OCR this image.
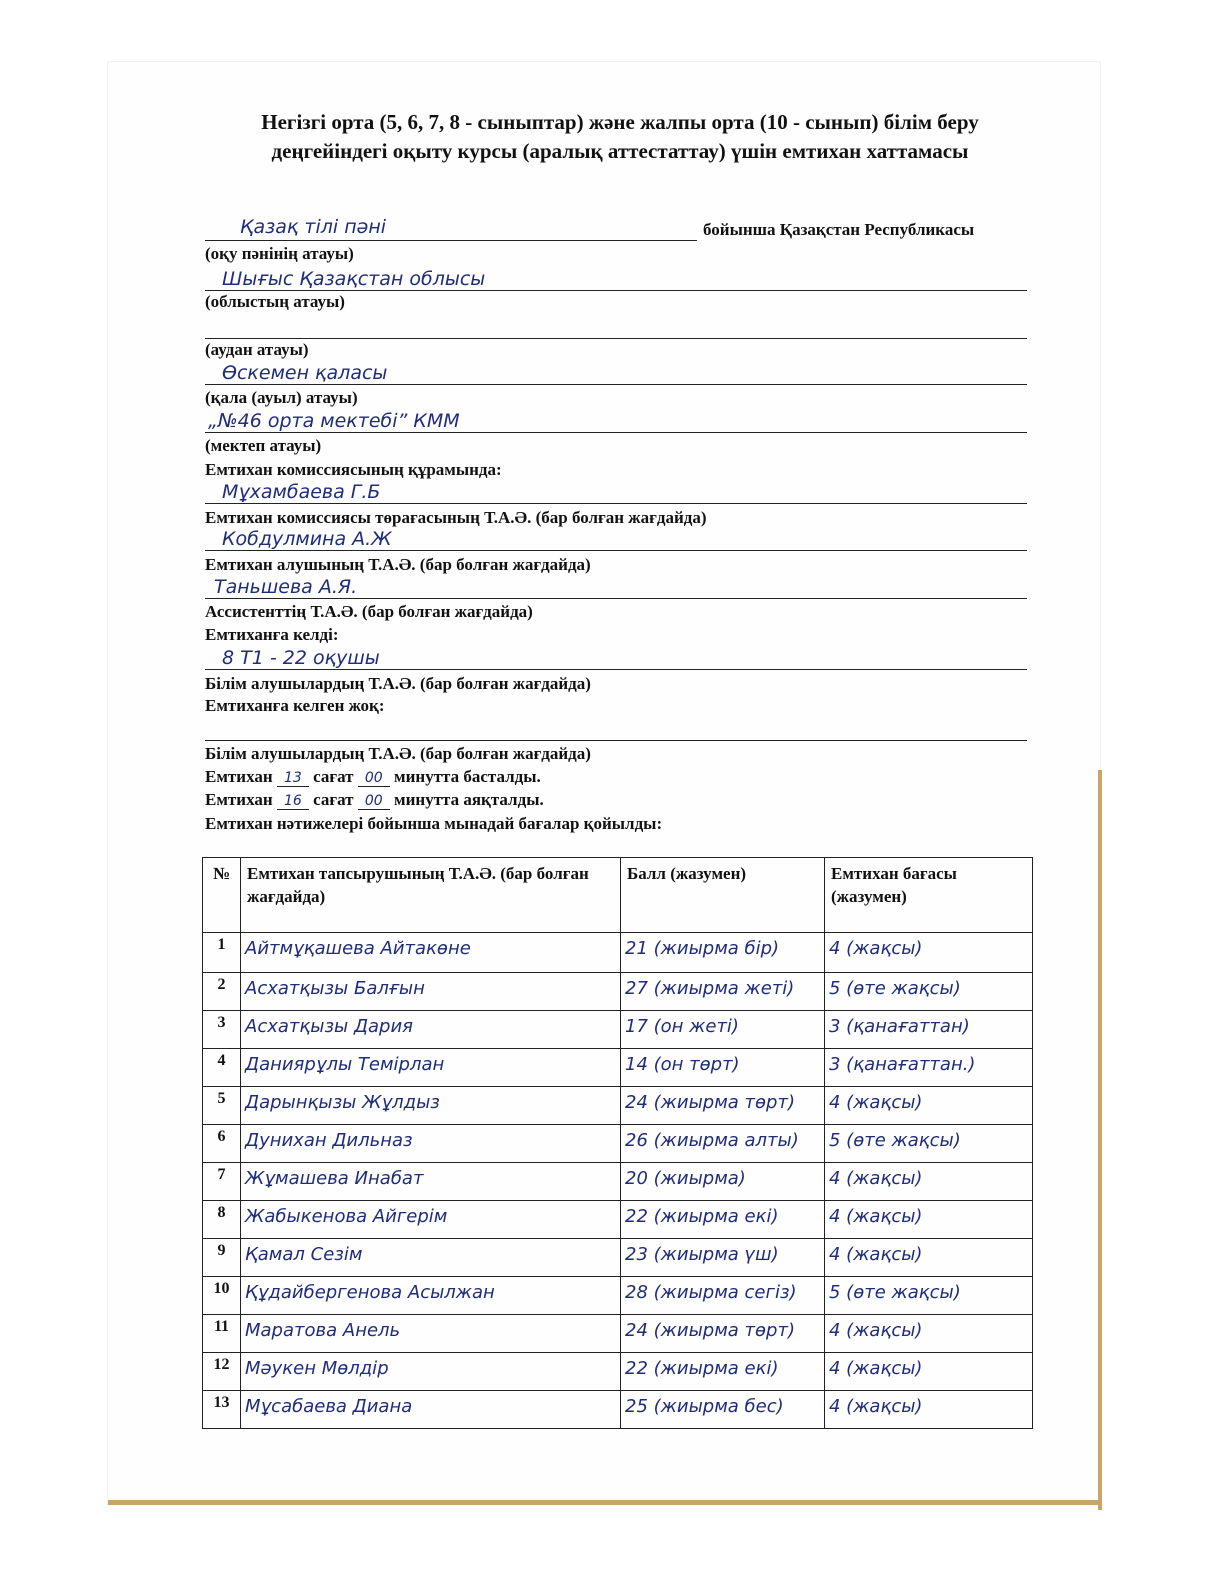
Негізгі орта (5, 6, 7, 8 - сыныптар) және жалпы орта (10 - сынып) білім беру
деңгейіндегі оқыту курсы (аралық аттестаттау) үшін емтихан хаттамасы
Қазақ тілі пәні	бойынша Қазақстан Республикасы
(оқу пәнінің атауы)
Шығыс Қазақстан облысы
(облыстың атауы)
(аудан атауы)
Өскемен қаласы
(қала (ауыл) атауы)
„№46 орта мектебі” КММ
(мектеп атауы)
Емтихан комиссиясының құрамында:
Мұхамбаева Г.Б
Емтихан комиссиясы төрағасының Т.А.Ә. (бар болған жағдайда)
Кобдулмина А.Ж
Емтихан алушының Т.А.Ә. (бар болған жағдайда)
Таньшева А.Я.
Ассистенттің Т.А.Ә. (бар болған жағдайда)
Емтиханға келді:
8 Т1 - 22 оқушы
Білім алушылардың Т.А.Ә. (бар болған жағдайда)
Емтиханға келген жоқ:
Білім алушылардың Т.А.Ә. (бар болған жағдайда)
Емтихан 13 сағат 00 минутта басталды.
Емтихан 16 сағат 00 минутта аяқталды.
Емтихан нәтижелері бойынша мынадай бағалар қойылды:
№	Емтихан тапсырушының Т.А.Ә. (бар болған жағдайда)	Балл (жазумен)	Емтихан бағасы (жазумен)
1	Айтмұқашева Айтакөне	21 (жиырма бір)	4 (жақсы)

2	Асхатқызы Балғын	27 (жиырма жеті)	5 (өте жақсы)

3	Асхатқызы Дария	17 (он жеті)	3 (қанағаттан)

4	Даниярұлы Темірлан	14 (он төрт)	3 (қанағаттан.)

5	Дарынқызы Жұлдыз	24 (жиырма төрт)	4 (жақсы)

6	Дунихан Дильназ	26 (жиырма алты)	5 (өте жақсы)

7	Жұмашева Инабат	20 (жиырма)	4 (жақсы)

8	Жабыкенова Айгерім	22 (жиырма екі)	4 (жақсы)

9	Қамал Сезім	23 (жиырма үш)	4 (жақсы)

10	Құдайбергенова Асылжан	28 (жиырма сегіз)	5 (өте жақсы)

11	Маратова Анель	24 (жиырма төрт)	4 (жақсы)

12	Мәукен Мөлдір	22 (жиырма екі)	4 (жақсы)

13	Мұсабаева Диана	25 (жиырма бес)	4 (жақсы)
